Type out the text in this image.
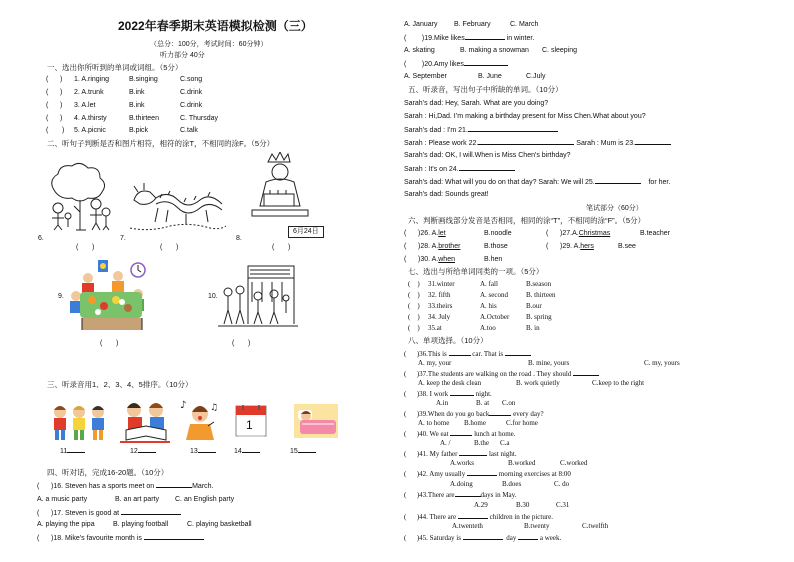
2022年春季期末英语模拟检测（三）
（总分：100分，考试时间：60分钟）
听力部分 40分
一、选出你所听到的单词或词组。（5分）
(      ) 1. A.ringing	B.singing	C.song
(      ) 2. A.trunk	B.ink	C.drink
(      ) 3. A.let	B.ink	C.drink
(      ) 4. A.thirsty	B.thirteen	C. Thursday
(       ) 5. A.picnic	B.pick	C.talk
二、听句子判断是否和图片相符，相符的涂T，不相同的涂F。（5分）
6.
(       )
7.
(       )
8.
6月24日
(       )
9.
(       )
10.
(       )
三、听录音用1、2、3、4、5排序。（10分）
11	12
♪	♫
13
1
14	15
四、听对话，完成16-20题。（10分）
(      )16. Steven has a sports meet on	March.
A. a music party	B. an art party C. an English party
(      )17. Steven is good at
A. playing the pipa	B. playing football	C. playing basketball
(      )18. Mike's favourite month is
A. January B. February	C. March
(        )19.Mike likes	in winter.
A. skating	B. making a snowman C. sleeping
(        )20.Amy likes
A. September	B. June	C.July
五、听录音，写出句子中所缺的单词。（10分）
Sarah’s dad: Hey, Sarah. What are you doing?
Sarah : Hi,Dad. I’m making a birthday present for Miss Chen.What about you?
Sarah’s dad : I'm 21.
Sarah : Please work 22.	Sarah : Mum is 23.
Sarah’s dad: OK, I will.When is Miss Chen's birthday?
Sarah : It's on 24.
Sarah's dad: What will you do on that day? Sarah: We will 25.	for her.
Sarah's dad: Sounds great!
笔试部分（60分）
六、判断画线部分发音是否相同，相同的涂“T”，不相同的涂“F”。（5分）
(      )26. A.let	B.noodle	(      )27.A.Christmas	B.teacher
(      )28. A.brother	B.those	(      )29. A.hers	B.see
(      )30. A.when	B.hen
七、选出与所给单词同类的一项。（5分）
(    ) 31.winter	A. fall	B.season
(    ) 32. fifth	A. second	B. thirteen
(    ) 33.theirs	A. his	B.our
(    ) 34. July	A.October B. spring
(    ) 35.at	A.too	B. in
八、单项选择。（10分）
(      )36.This is	car. That is
A. my, your	B. mine, yours	C. my, yours
(      )37.The students are walking on the road . They should
A. keep the desk clean	B. work quietly	C.keep to the right
(      )38. I work	night.
A.in	B. at C.on
(      )39.When do you go back	every day?
A. to home B.home	C.for home
(      )40. We eat	lunch at home.
A. /	B.the C.a
(      )41. My father	last night.
A.works	B.worked	C.worked
(      )42. Amy usually	morning exercises at 8:00
A.doing	B.does	C. do
(      )43.There are	days in May.
A.29	B.30	C.31
(      )44. There are	children in the picture.
A.twenteth	B.twenty	C.twelfth
(      )45. Saturday is	day	a week.
